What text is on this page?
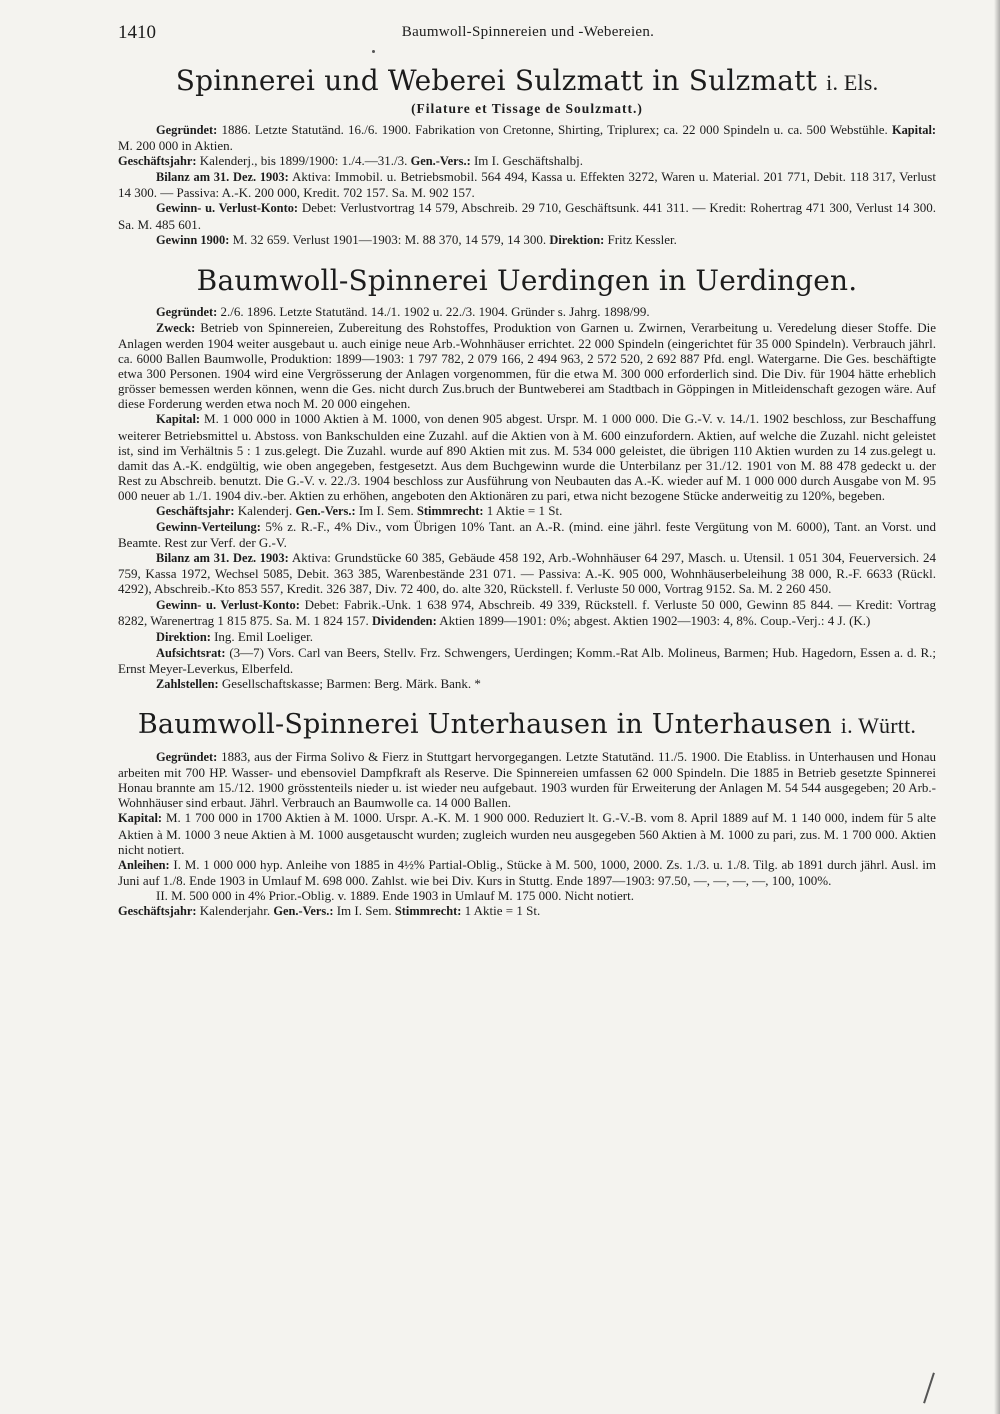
1410	Baumwoll-Spinnereien und -Webereien.
Spinnerei und Weberei Sulzmatt in Sulzmatt i. Els.
(Filature et Tissage de Soulzmatt.)

Gegründet: 1886. Letzte Statutänd. 16./6. 1900. Fabrikation von Cretonne, Shirting, Triplurex; ca. 22 000 Spindeln u. ca. 500 Webstühle. Kapital: M. 200 000 in Aktien.

Geschäftsjahr: Kalenderj., bis 1899/1900: 1./4.—31./3. Gen.-Vers.: Im I. Geschäftshalbj.

Bilanz am 31. Dez. 1903: Aktiva: Immobil. u. Betriebsmobil. 564 494, Kassa u. Effekten 3272, Waren u. Material. 201 771, Debit. 118 317, Verlust 14 300. — Passiva: A.-K. 200 000, Kredit. 702 157. Sa. M. 902 157.

Gewinn- u. Verlust-Konto: Debet: Verlustvortrag 14 579, Abschreib. 29 710, Geschäftsunk. 441 311. — Kredit: Rohertrag 471 300, Verlust 14 300. Sa. M. 485 601.

Gewinn 1900: M. 32 659. Verlust 1901—1903: M. 88 370, 14 579, 14 300. Direktion: Fritz Kessler.

Baumwoll-Spinnerei Uerdingen in Uerdingen.

Gegründet: 2./6. 1896. Letzte Statutänd. 14./1. 1902 u. 22./3. 1904. Gründer s. Jahrg. 1898/99.

Zweck: Betrieb von Spinnereien, Zubereitung des Rohstoffes, Produktion von Garnen u. Zwirnen, Verarbeitung u. Veredelung dieser Stoffe. Die Anlagen werden 1904 weiter ausgebaut u. auch einige neue Arb.-Wohnhäuser errichtet. 22 000 Spindeln (eingerichtet für 35 000 Spindeln). Verbrauch jährl. ca. 6000 Ballen Baumwolle, Produktion: 1899—1903: 1 797 782, 2 079 166, 2 494 963, 2 572 520, 2 692 887 Pfd. engl. Watergarne. Die Ges. beschäftigte etwa 300 Personen. 1904 wird eine Vergrösserung der Anlagen vorgenommen, für die etwa M. 300 000 erforderlich sind. Die Div. für 1904 hätte erheblich grösser bemessen werden können, wenn die Ges. nicht durch Zus.bruch der Buntweberei am Stadtbach in Göppingen in Mitleidenschaft gezogen wäre. Auf diese Forderung werden etwa noch M. 20 000 eingehen.

Kapital: M. 1 000 000 in 1000 Aktien à M. 1000, von denen 905 abgest. Urspr. M. 1 000 000. Die G.-V. v. 14./1. 1902 beschloss, zur Beschaffung weiterer Betriebsmittel u. Abstoss. von Bankschulden eine Zuzahl. auf die Aktien von à M. 600 einzufordern. Aktien, auf welche die Zuzahl. nicht geleistet ist, sind im Verhältnis 5 : 1 zus.gelegt. Die Zuzahl. wurde auf 890 Aktien mit zus. M. 534 000 geleistet, die übrigen 110 Aktien wurden zu 14 zus.gelegt u. damit das A.-K. endgültig, wie oben angegeben, festgesetzt. Aus dem Buchgewinn wurde die Unterbilanz per 31./12. 1901 von M. 88 478 gedeckt u. der Rest zu Abschreib. benutzt. Die G.-V. v. 22./3. 1904 beschloss zur Ausführung von Neubauten das A.-K. wieder auf M. 1 000 000 durch Ausgabe von M. 95 000 neuer ab 1./1. 1904 div.-ber. Aktien zu erhöhen, angeboten den Aktionären zu pari, etwa nicht bezogene Stücke anderweitig zu 120%, begeben.

Geschäftsjahr: Kalenderj. Gen.-Vers.: Im I. Sem. Stimmrecht: 1 Aktie = 1 St.

Gewinn-Verteilung: 5% z. R.-F., 4% Div., vom Übrigen 10% Tant. an A.-R. (mind. eine jährl. feste Vergütung von M. 6000), Tant. an Vorst. und Beamte. Rest zur Verf. der G.-V.

Bilanz am 31. Dez. 1903: Aktiva: Grundstücke 60 385, Gebäude 458 192, Arb.-Wohnhäuser 64 297, Masch. u. Utensil. 1 051 304, Feuerversich. 24 759, Kassa 1972, Wechsel 5085, Debit. 363 385, Warenbestände 231 071. — Passiva: A.-K. 905 000, Wohnhäuserbeleihung 38 000, R.-F. 6633 (Rückl. 4292), Abschreib.-Kto 853 557, Kredit. 326 387, Div. 72 400, do. alte 320, Rückstell. f. Verluste 50 000, Vortrag 9152. Sa. M. 2 260 450.

Gewinn- u. Verlust-Konto: Debet: Fabrik.-Unk. 1 638 974, Abschreib. 49 339, Rückstell. f. Verluste 50 000, Gewinn 85 844. — Kredit: Vortrag 8282, Warenertrag 1 815 875. Sa. M. 1 824 157. Dividenden: Aktien 1899—1901: 0%; abgest. Aktien 1902—1903: 4, 8%. Coup.-Verj.: 4 J. (K.)

Direktion: Ing. Emil Loeliger.

Aufsichtsrat: (3—7) Vors. Carl van Beers, Stellv. Frz. Schwengers, Uerdingen; Komm.-Rat Alb. Molineus, Barmen; Hub. Hagedorn, Essen a. d. R.; Ernst Meyer-Leverkus, Elberfeld.

Zahlstellen: Gesellschaftskasse; Barmen: Berg. Märk. Bank. *

Baumwoll-Spinnerei Unterhausen in Unterhausen i. Württ.

Gegründet: 1883, aus der Firma Solivo & Fierz in Stuttgart hervorgegangen. Letzte Statutänd. 11./5. 1900. Die Etabliss. in Unterhausen und Honau arbeiten mit 700 HP. Wasser- und ebensoviel Dampfkraft als Reserve. Die Spinnereien umfassen 62 000 Spindeln. Die 1885 in Betrieb gesetzte Spinnerei Honau brannte am 15./12. 1900 grösstenteils nieder u. ist wieder neu aufgebaut. 1903 wurden für Erweiterung der Anlagen M. 54 544 ausgegeben; 20 Arb.-Wohnhäuser sind erbaut. Jährl. Verbrauch an Baumwolle ca. 14 000 Ballen.

Kapital: M. 1 700 000 in 1700 Aktien à M. 1000. Urspr. A.-K. M. 1 900 000. Reduziert lt. G.-V.-B. vom 8. April 1889 auf M. 1 140 000, indem für 5 alte Aktien à M. 1000 3 neue Aktien à M. 1000 ausgetauscht wurden; zugleich wurden neu ausgegeben 560 Aktien à M. 1000 zu pari, zus. M. 1 700 000. Aktien nicht notiert.

Anleihen: I. M. 1 000 000 hyp. Anleihe von 1885 in 4½% Partial-Oblig., Stücke à M. 500, 1000, 2000. Zs. 1./3. u. 1./8. Tilg. ab 1891 durch jährl. Ausl. im Juni auf 1./8. Ende 1903 in Umlauf M. 698 000. Zahlst. wie bei Div. Kurs in Stuttg. Ende 1897—1903: 97.50, —, —, —, —, 100, 100%.

II. M. 500 000 in 4% Prior.-Oblig. v. 1889. Ende 1903 in Umlauf M. 175 000. Nicht notiert.

Geschäftsjahr: Kalenderjahr. Gen.-Vers.: Im I. Sem. Stimmrecht: 1 Aktie = 1 St.
